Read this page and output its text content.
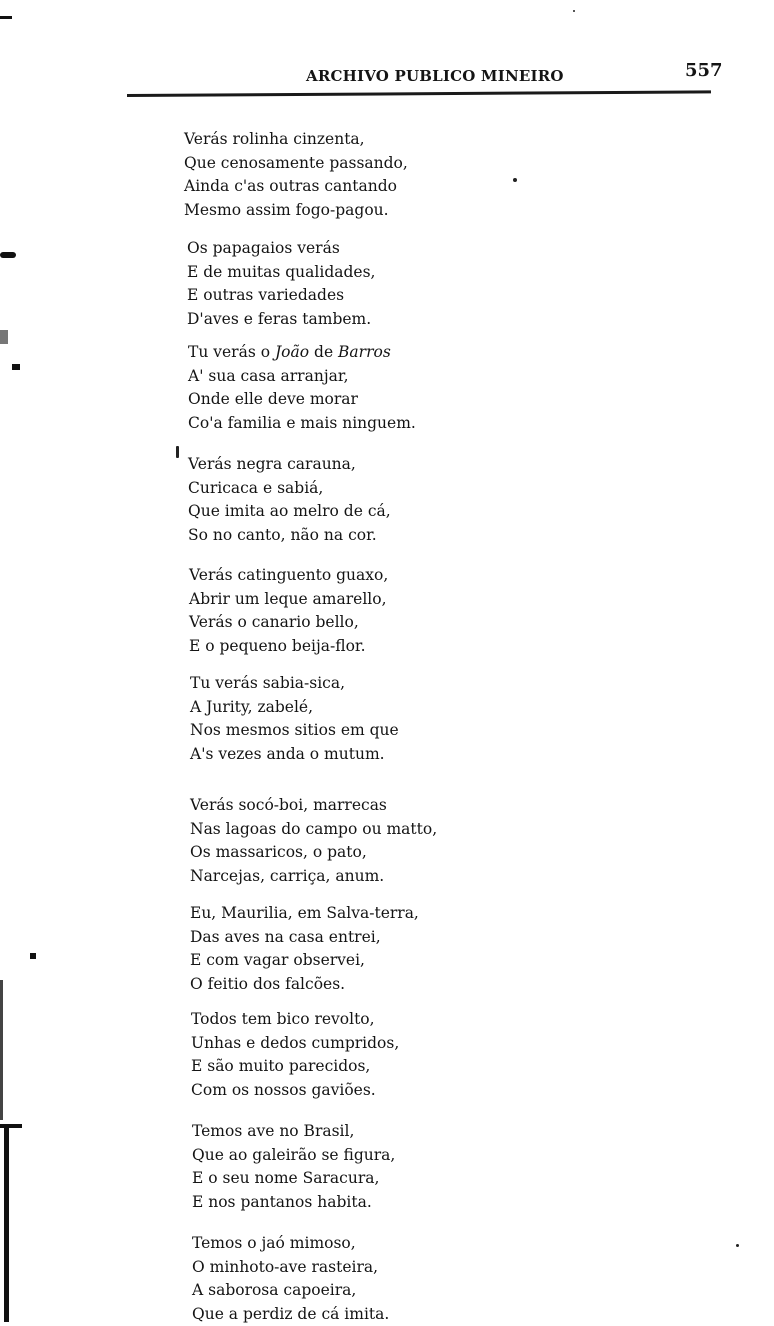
ARCHIVO PUBLICO MINEIRO	557
Verás rolinha cinzenta,
Que cenosamente passando,
Ainda c'as outras cantando
Mesmo assim fogo-pagou.
Os papagaios verás
E de muitas qualidades,
E outras variedades
D'aves e feras tambem.
Tu verás o João de Barros
A' sua casa arranjar,
Onde elle deve morar
Co'a familia e mais ninguem.
Verás negra carauna,
Curicaca e sabiá,
Que imita ao melro de cá,
So no canto, não na cor.
Verás catinguento guaxo,
Abrir um leque amarello,
Verás o canario bello,
E o pequeno beija-flor.
Tu verás sabia-sica,
A Jurity, zabelé,
Nos mesmos sitios em que
A's vezes anda o mutum.
Verás socó-boi, marrecas
Nas lagoas do campo ou matto,
Os massaricos, o pato,
Narcejas, carriça, anum.
Eu, Maurilia, em Salva-terra,
Das aves na casa entrei,
E com vagar observei,
O feitio dos falcões.
Todos tem bico revolto,
Unhas e dedos cumpridos,
E são muito parecidos,
Com os nossos gaviões.
Temos ave no Brasil,
Que ao galeirão se figura,
E o seu nome Saracura,
E nos pantanos habita.
Temos o jaó mimoso,
O minhoto-ave rasteira,
A saborosa capoeira,
Que a perdiz de cá imita.
